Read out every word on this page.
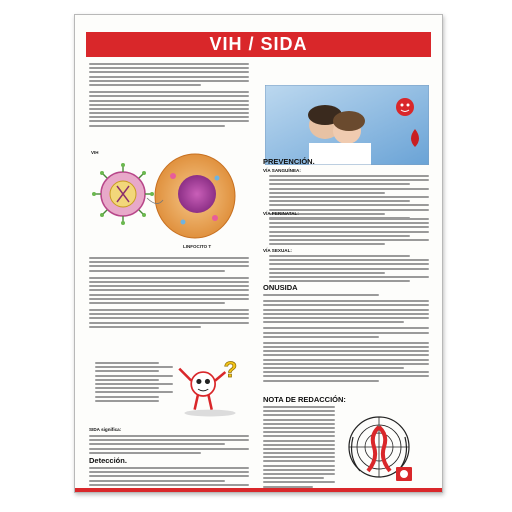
VIH / SIDA
VIH
LINFOCITO T
?
SIDA significa:
Detección.
PREVENCIÓN.
VÍA SANGUÍNEA:
VÍA PERINATAL:
VÍA SEXUAL:
ONUSIDA
NOTA DE REDACCIÓN:
